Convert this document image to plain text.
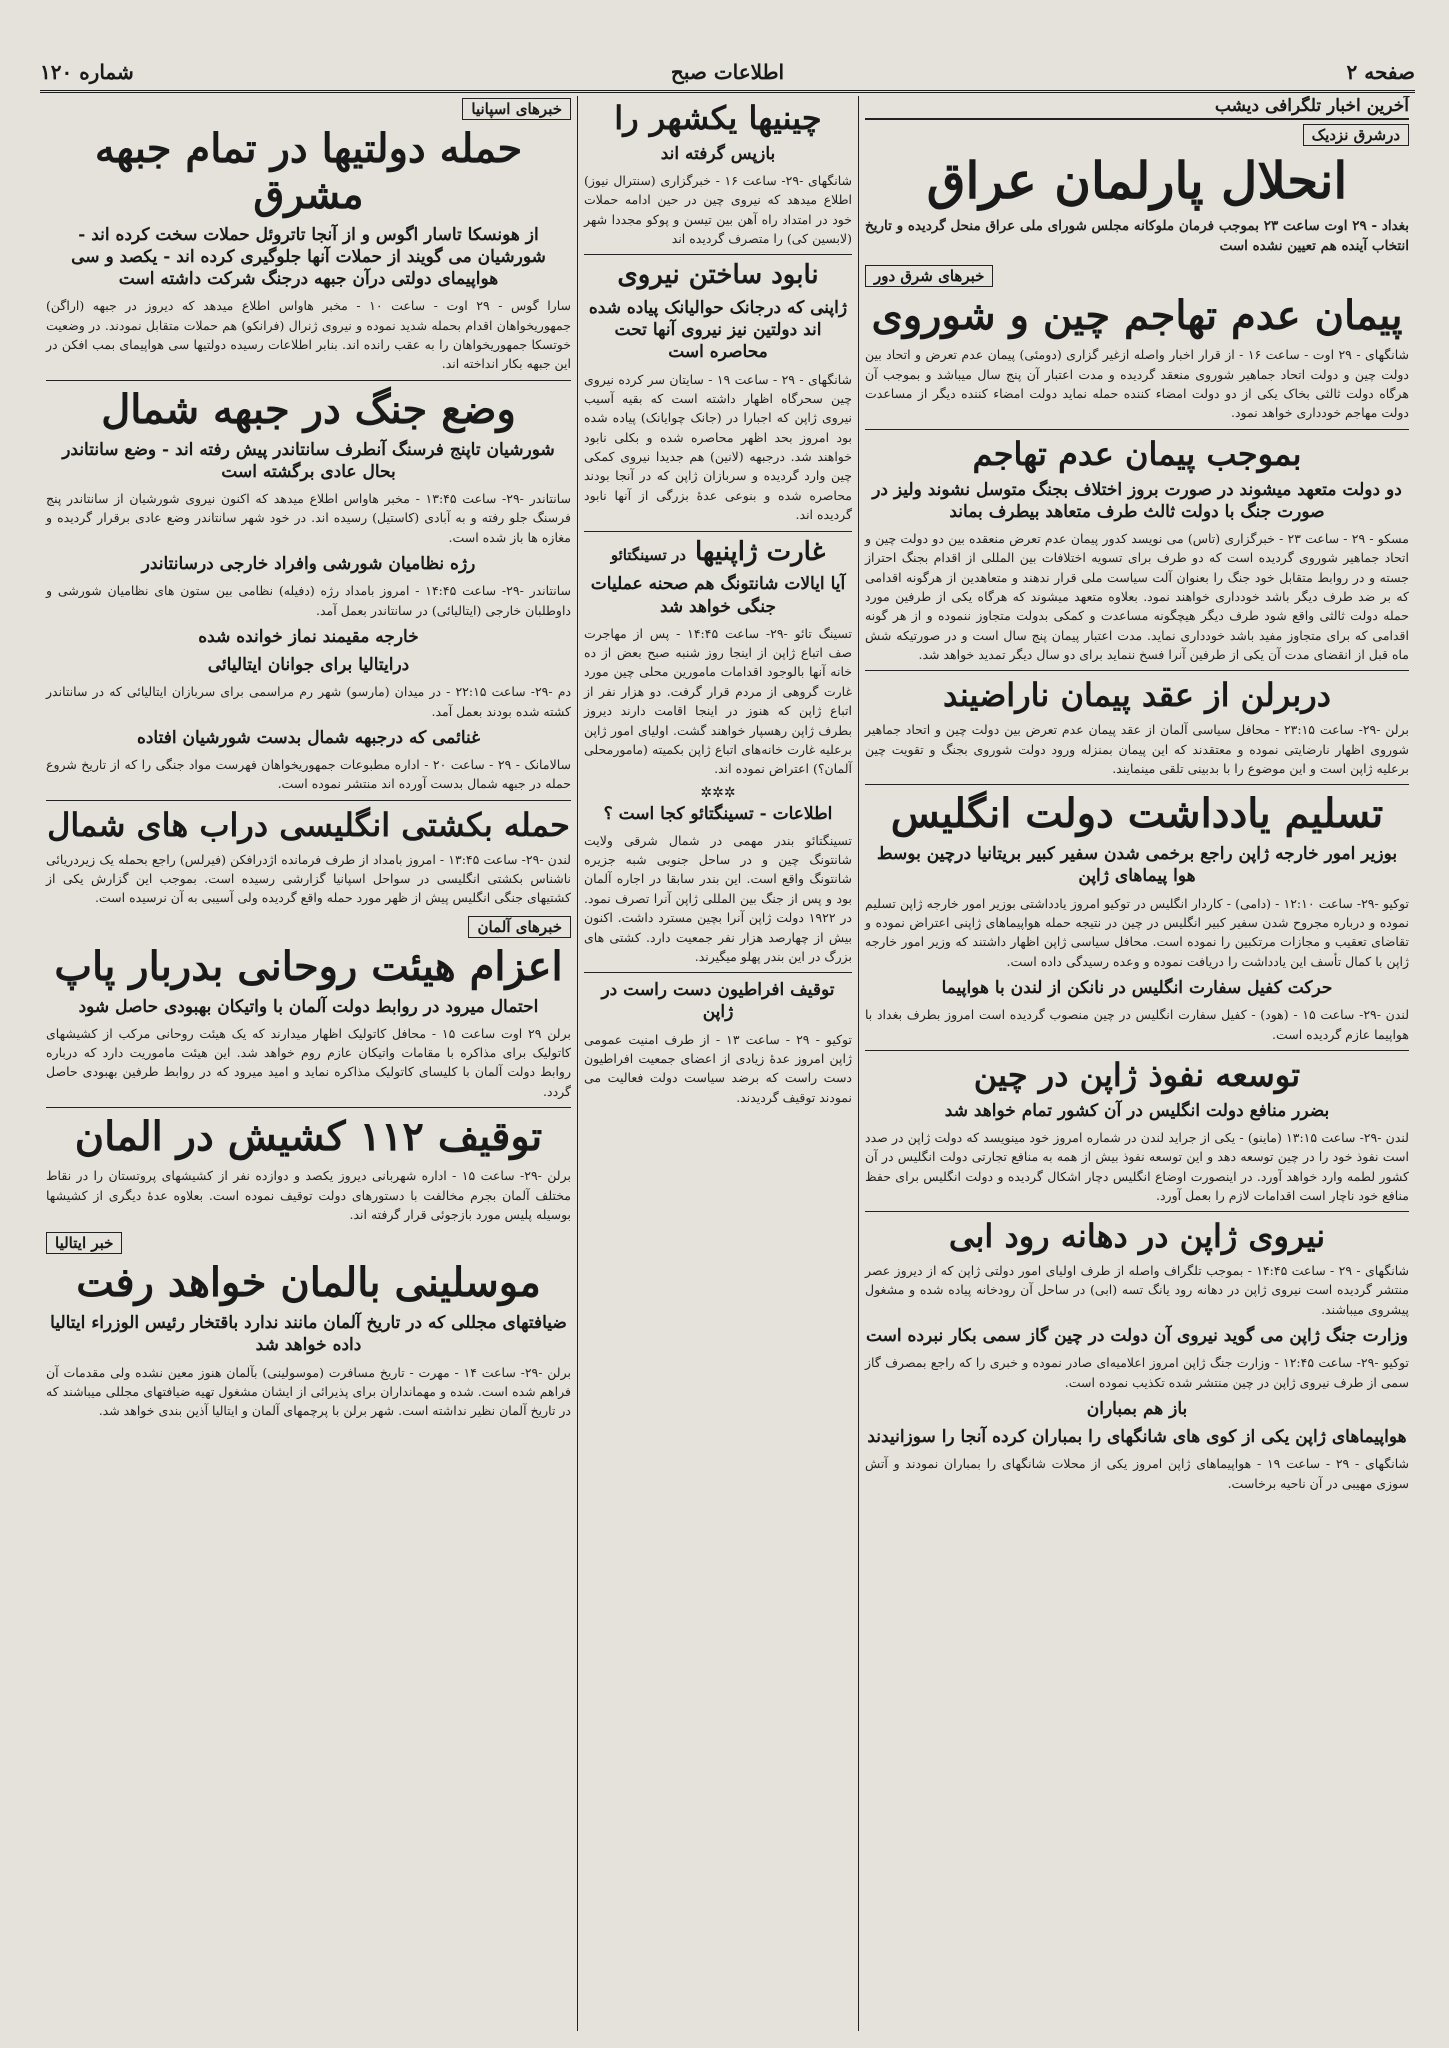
صفحه ۲
اطلاعات صبح
شماره ۱۲۰
آخرین اخبار تلگرافی دیشب
درشرق نزدیک
انحلال پارلمان عراق

بغداد - ۲۹ اوت ساعت ۲۳ بموجب فرمان ملوکانه مجلس شورای ملی عراق منحل گردیده و تاریخ انتخاب آینده هم تعیین نشده است

خبرهای شرق دور
پیمان عدم تهاجم چین و شوروی

شانگهای - ۲۹ اوت - ساعت ۱۶ - از قرار اخبار واصله ازغیر گزاری (دومئی) پیمان عدم تعرض و اتحاد بین دولت چین و دولت اتحاد جماهیر شوروی منعقد گردیده و مدت اعتبار آن پنج سال میباشد و بموجب آن هرگاه دولت ثالثی بخاک یکی از دو دولت امضاء کننده حمله نماید دولت امضاء کننده دیگر از مساعدت دولت مهاجم خودداری خواهد نمود.

بموجب پیمان عدم تهاجم
دو دولت متعهد میشوند در صورت بروز اختلاف بجنگ متوسل نشوند ولیز در صورت جنگ با دولت ثالث طرف متعاهد بیطرف بماند

مسکو - ۲۹ - ساعت ۲۳ - خبرگزاری (تاس) می نویسد کدور پیمان عدم تعرض منعقده بین دو دولت چین و اتحاد جماهیر شوروی گردیده است که دو طرف برای تسویه اختلافات بین المللی از اقدام بجنگ احتراز جسته و در روابط متقابل خود جنگ را بعنوان آلت سیاست ملی قرار ندهند و متعاهدین از هرگونه اقدامی که بر ضد طرف دیگر باشد خودداری خواهند نمود. بعلاوه متعهد میشوند که هرگاه یکی از طرفین مورد حمله دولت ثالثی واقع شود طرف دیگر هیچگونه مساعدت و کمکی بدولت متجاوز ننموده و از هر گونه اقدامی که برای متجاوز مفید باشد خودداری نماید. مدت اعتبار پیمان پنج سال است و در صورتیکه شش ماه قبل از انقضای مدت آن یکی از طرفین آنرا فسخ ننماید برای دو سال دیگر تمدید خواهد شد.

دربرلن از عقد پیمان ناراضیند

برلن -۲۹- ساعت ۲۳:۱۵ - محافل سیاسی آلمان از عقد پیمان عدم تعرض بین دولت چین و اتحاد جماهیر شوروی اظهار نارضایتی نموده و معتقدند که این پیمان بمنزله ورود دولت شوروی بجنگ و تقویت چین برعلیه ژاپن است و این موضوع را با بدبینی تلقی مینمایند.

تسلیم یادداشت دولت انگلیس
بوزیر امور خارجه ژاپن راجع برخمی شدن سفیر کبیر بریتانیا درچین بوسط هوا پیماهای ژاپن

توکیو -۲۹- ساعت ۱۲:۱۰ - (دامی) - کاردار انگلیس در توکیو امروز یادداشتی بوزیر امور خارجه ژاپن تسلیم نموده و درباره مجروح شدن سفیر کبیر انگلیس در چین در نتیجه حمله هواپیماهای ژاپنی اعتراض نموده و تقاضای تعقیب و مجازات مرتکبین را نموده است. محافل سیاسی ژاپن اظهار داشتند که وزیر امور خارجه ژاپن با کمال تأسف این یادداشت را دریافت نموده و وعده رسیدگی داده است.

حرکت کفیل سفارت انگلیس در نانکن از لندن با هواپیما

لندن -۲۹- ساعت ۱۵ - (هود) - کفیل سفارت انگلیس در چین منصوب گردیده است امروز بطرف بغداد با هواپیما عازم گردیده است.

توسعه نفوذ ژاپن در چین
بضرر منافع دولت انگلیس در آن کشور تمام خواهد شد

لندن -۲۹- ساعت ۱۳:۱۵ (ماینو) - یکی از جراید لندن در شماره امروز خود مینویسد که دولت ژاپن در صدد است نفوذ خود را در چین توسعه دهد و این توسعه نفوذ بیش از همه به منافع تجارتی دولت انگلیس در آن کشور لطمه وارد خواهد آورد. در اینصورت اوضاع انگلیس دچار اشکال گردیده و دولت انگلیس برای حفظ منافع خود ناچار است اقدامات لازم را بعمل آورد.

نیروی ژاپن در دهانه رود ابی

شانگهای - ۲۹ - ساعت ۱۴:۴۵ - بموجب تلگراف واصله از طرف اولیای امور دولتی ژاپن که از دیروز عصر منتشر گردیده است نیروی ژاپن در دهانه رود یانگ تسه (ابی) در ساحل آن رودخانه پیاده شده و مشغول پیشروی میباشند.

وزارت جنگ ژاپن می گوید نیروی آن دولت در چین گاز سمی بکار نبرده است

توکیو -۲۹- ساعت ۱۲:۴۵ - وزارت جنگ ژاپن امروز اعلامیه‌ای صادر نموده و خبری را که راجع بمصرف گاز سمی از طرف نیروی ژاپن در چین منتشر شده تکذیب نموده است.

باز هم بمباران
هواپیماهای ژاپن یکی از کوی های شانگهای را بمباران کرده آنجا را سوزانیدند

شانگهای - ۲۹ - ساعت ۱۹ - هواپیماهای ژاپن امروز یکی از محلات شانگهای را بمباران نمودند و آتش سوزی مهیبی در آن ناحیه برخاست.

چینیها یکشهر را
بازپس گرفته اند

شانگهای -۲۹- ساعت ۱۶ - خبرگزاری (سنترال نیوز) اطلاع میدهد که نیروی چین در حین ادامه حملات خود در امتداد راه آهن بین تیسن و پوکو مجددا شهر (لابسین کی) را متصرف گردیده اند

نابود ساختن نیروی
ژاپنی که درجانک حوالیانک پیاده شده اند دولتین نیز نیروی آنها تحت محاصره است

شانگهای - ۲۹ - ساعت ۱۹ - سایتان سر کرده نیروی چین سحرگاه اظهار داشته است که بقیه آسیب نیروی ژاپن که اجبارا در (جانک چوایانک) پیاده شده بود امروز بحد اظهر محاصره شده و بکلی نابود خواهند شد. درجبهه (لانین) هم جدیدا نیروی کمکی چین وارد گردیده و سربازان ژاپن که در آنجا بودند محاصره شده و بنوعی عدۀ بزرگی از آنها نابود گردیده اند.

غارت ژاپنیها در تسینگتائو
آیا ایالات شانتونگ هم صحنه عملیات جنگی خواهد شد

تسینگ تائو -۲۹- ساعت ۱۴:۴۵ - پس از مهاجرت صف اتباع ژاپن از اینجا روز شنبه صبح بعض از ده خانه آنها بالوجود اقدامات مامورین محلی چین مورد غارت گروهی از مردم قرار گرفت. دو هزار نفر از اتباع ژاپن که هنوز در اینجا اقامت دارند دیروز بطرف ژاپن رهسپار خواهند گشت. اولیای امور ژاپن برعلیه غارت خانه‌های اتباع ژاپن بکمیته (مامورمحلی آلمان؟) اعتراض نموده اند.

✲✲✲
اطلاعات - تسینگتائو کجا است ؟

تسینگتائو بندر مهمی در شمال شرقی ولایت شانتونگ چین و در ساحل جنوبی شبه جزیره شانتونگ واقع است. این بندر سابقا در اجاره آلمان بود و پس از جنگ بین المللی ژاپن آنرا تصرف نمود. در ۱۹۲۲ دولت ژاپن آنرا بچین مسترد داشت. اکنون بیش از چهارصد هزار نفر جمعیت دارد. کشتی های بزرگ در این بندر پهلو میگیرند.

توقیف افراطیون دست راست در ژاپن

توکیو - ۲۹ - ساعت ۱۳ - از طرف امنیت عمومی ژاپن امروز عدۀ زیادی از اعضای جمعیت افراطیون دست راست که برضد سیاست دولت فعالیت می نمودند توقیف گردیدند.

خبرهای اسپانیا
حمله دولتیها در تمام جبهه مشرق
از هونسکا تاسار اگوس و از آنجا تاتروئل حملات سخت کرده اند - شورشیان می گویند از حملات آنها جلوگیری کرده اند - یکصد و سی هواپیمای دولتی درآن جبهه درجنگ شرکت داشته است

سارا گوس - ۲۹ اوت - ساعت ۱۰ - مخبر هاواس اطلاع میدهد که دیروز در جبهه (اراگن) جمهوریخواهان اقدام بحمله شدید نموده و نیروی ژنرال (فرانکو) هم حملات متقابل نمودند. در وضعیت خوتسکا جمهوریخواهان را به عقب رانده اند. بنابر اطلاعات رسیده دولتیها سی هواپیمای بمب افکن در این جبهه بکار انداخته اند.

وضع جنگ در جبهه شمال
شورشیان تاپنج فرسنگ آنطرف سانتاندر پیش رفته اند - وضع سانتاندر بحال عادی برگشته است

سانتاندر -۲۹- ساعت ۱۳:۴۵ - مخبر هاواس اطلاع میدهد که اکنون نیروی شورشیان از سانتاندر پنج فرسنگ جلو رفته و به آبادی (کاستیل) رسیده اند. در خود شهر سانتاندر وضع عادی برقرار گردیده و مغازه ها باز شده است.

رژه نظامیان شورشی وافراد خارجی درسانتاندر

سانتاندر -۲۹- ساعت ۱۴:۴۵ - امروز بامداد رژه (دفیله) نظامی بین ستون های نظامیان شورشی و داوطلبان خارجی (ایتالیائی) در سانتاندر بعمل آمد.

خارجه مقیمند نماز خوانده شده
درایتالیا برای جوانان ایتالیائی

دم -۲۹- ساعت ۲۲:۱۵ - در میدان (مارسو) شهر رم مراسمی برای سربازان ایتالیائی که در سانتاندر کشته شده بودند بعمل آمد.

غنائمی که درجبهه شمال بدست شورشیان افتاده

سالامانک - ۲۹ - ساعت ۲۰ - اداره مطبوعات جمهوریخواهان فهرست مواد جنگی را که از تاریخ شروع حمله در جبهه شمال بدست آورده اند منتشر نموده است.

حمله بکشتی انگلیسی دراب های شمال

لندن -۲۹- ساعت ۱۳:۴۵ - امروز بامداد از طرف فرمانده اژدرافکن (فیرلس) راجع بحمله یک زیردریائی ناشناس بکشتی انگلیسی در سواحل اسپانیا گزارشی رسیده است. بموجب این گزارش یکی از کشتیهای جنگی انگلیس پیش از ظهر مورد حمله واقع گردیده ولی آسیبی به آن نرسیده است.

خبرهای آلمان
اعزام هیئت روحانی بدربار پاپ
احتمال میرود در روابط دولت آلمان با واتیکان بهبودی حاصل شود

برلن ۲۹ اوت ساعت ۱۵ - محافل کاتولیک اظهار میدارند که یک هیئت روحانی مرکب از کشیشهای کاتولیک برای مذاکره با مقامات واتیکان عازم روم خواهد شد. این هیئت ماموریت دارد که درباره روابط دولت آلمان با کلیسای کاتولیک مذاکره نماید و امید میرود که در روابط طرفین بهبودی حاصل گردد.

توقیف ۱۱۲ کشیش در المان

برلن -۲۹- ساعت ۱۵ - اداره شهربانی دیروز یکصد و دوازده نفر از کشیشهای پروتستان را در نقاط مختلف آلمان بجرم مخالفت با دستورهای دولت توقیف نموده است. بعلاوه عدۀ دیگری از کشیشها بوسیله پلیس مورد بازجوئی قرار گرفته اند.

خبر ایتالیا
موسلینی بالمان خواهد رفت
ضیافتهای مجللی که در تاریخ آلمان مانند ندارد باقتخار رئیس الوزراء ایتالیا داده خواهد شد

برلن -۲۹- ساعت ۱۴ - مهرت - تاریخ مسافرت (موسولینی) بآلمان هنوز معین نشده ولی مقدمات آن فراهم شده است. شده و مهمانداران برای پذیرائی از ایشان مشغول تهیه ضیافتهای مجللی میباشند که در تاریخ آلمان نظیر نداشته است. شهر برلن با پرچمهای آلمان و ایتالیا آذین بندی خواهد شد.
